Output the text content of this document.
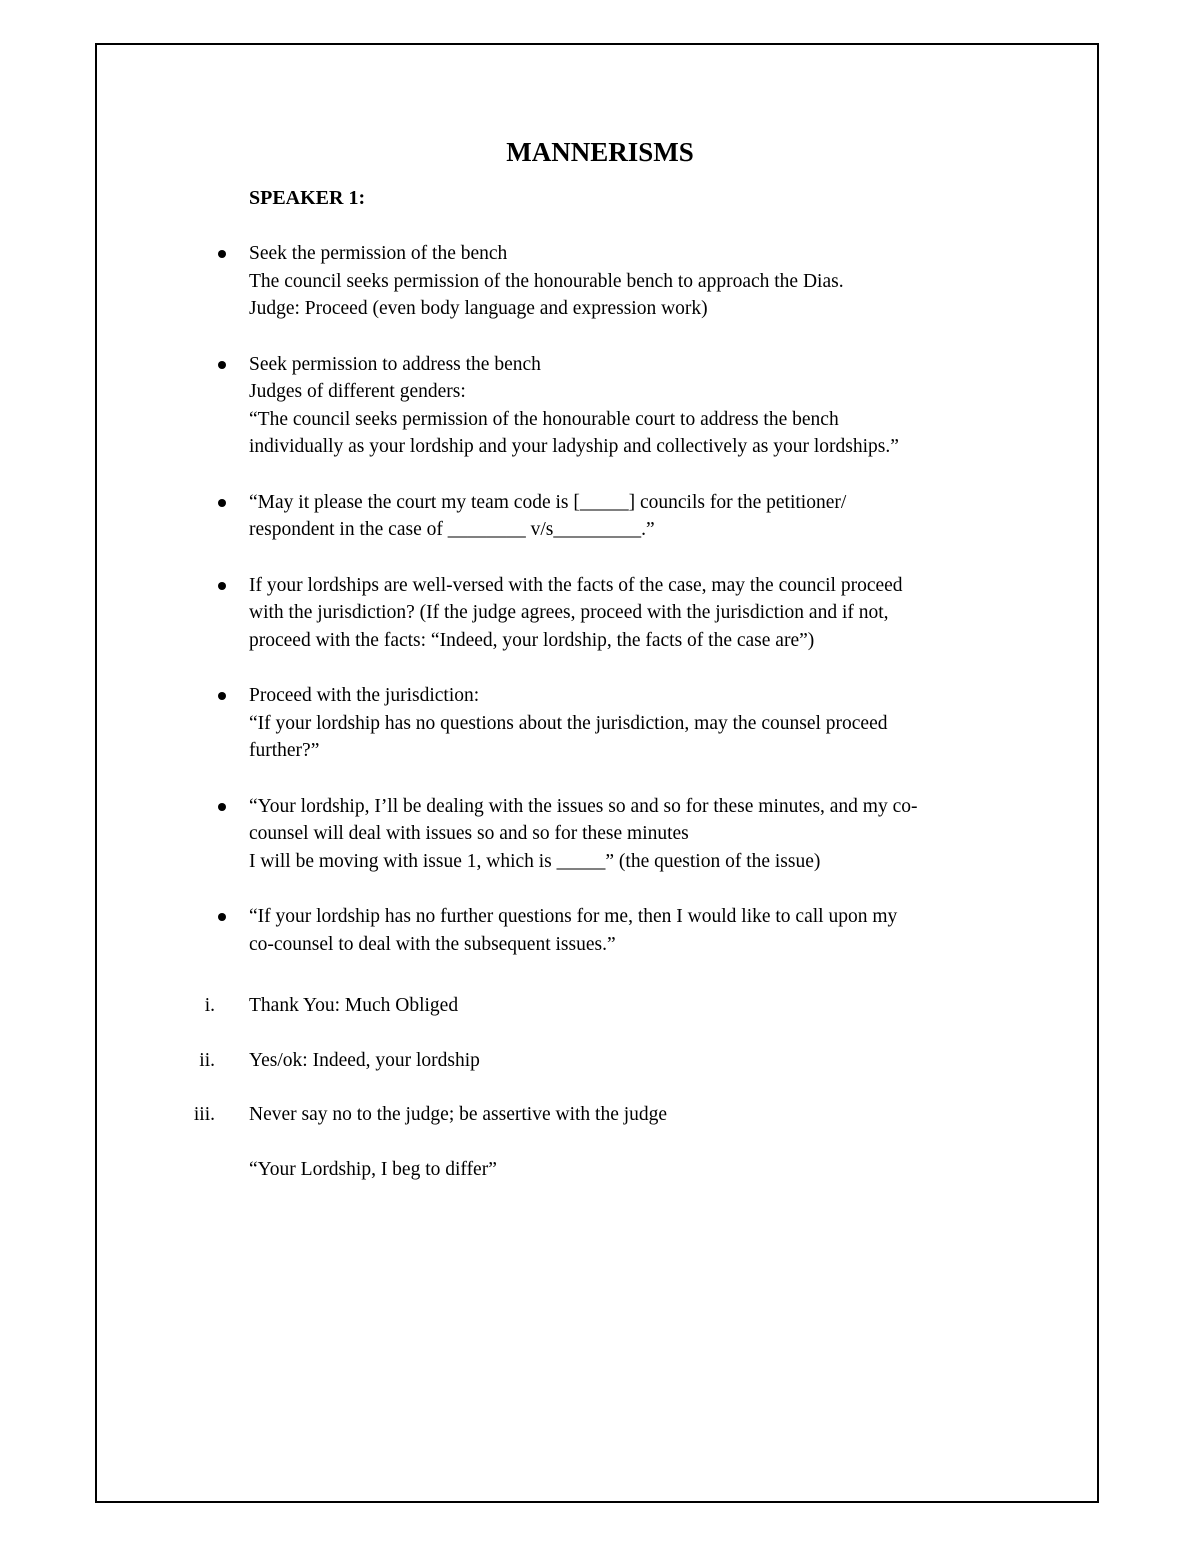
MANNERISMS
SPEAKER 1:
Seek the permission of the bench
The council seeks permission of the honourable bench to approach the Dias.
Judge: Proceed (even body language and expression work)
Seek permission to address the bench
Judges of different genders:
“The council seeks permission of the honourable court to address the bench
individually as your lordship and your ladyship and collectively as your lordships.”
“May it please the court my team code is [_____] councils for the petitioner/
respondent in the case of ________ v/s_________.”
If your lordships are well-versed with the facts of the case, may the council proceed
with the jurisdiction? (If the judge agrees, proceed with the jurisdiction and if not,
proceed with the facts: “Indeed, your lordship, the facts of the case are”)
Proceed with the jurisdiction:
“If your lordship has no questions about the jurisdiction, may the counsel proceed
further?”
“Your lordship, I’ll be dealing with the issues so and so for these minutes, and my co-
counsel will deal with issues so and so for these minutes
I will be moving with issue 1, which is _____” (the question of the issue)
“If your lordship has no further questions for me, then I would like to call upon my
co-counsel to deal with the subsequent issues.”
i. Thank You: Much Obliged
ii. Yes/ok: Indeed, your lordship
iii. Never say no to the judge; be assertive with the judge

“Your Lordship, I beg to differ”
